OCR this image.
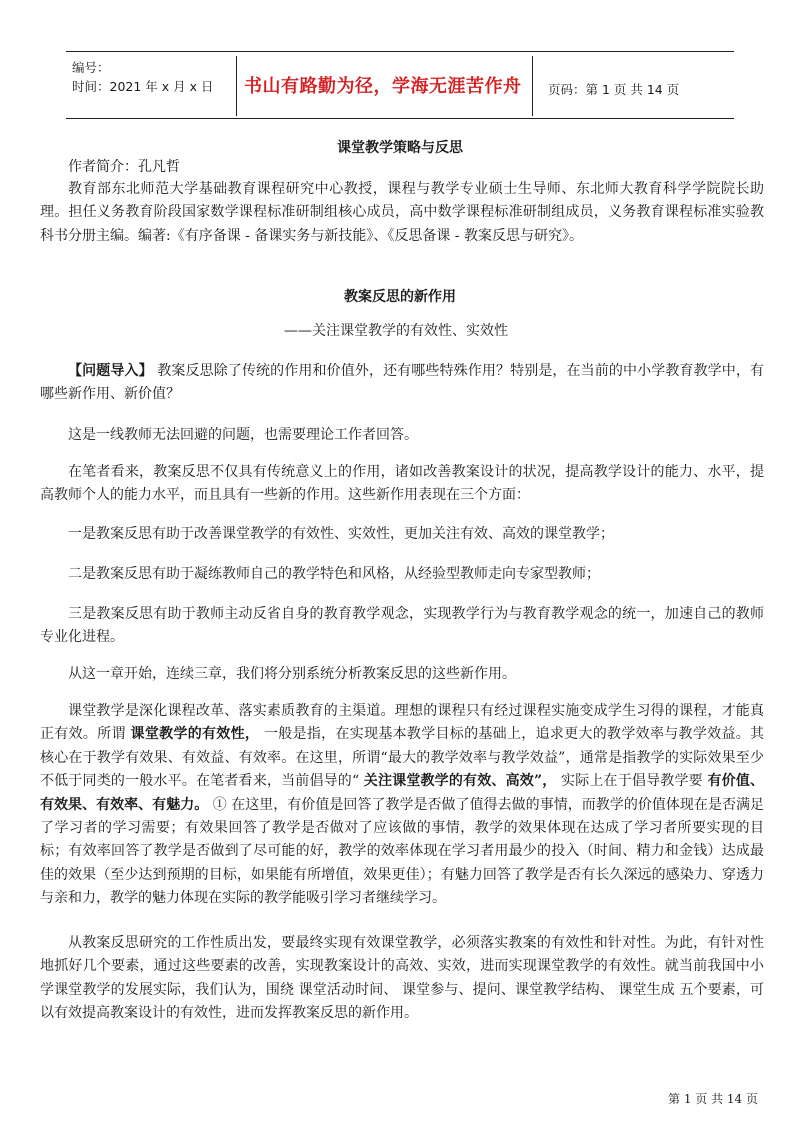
编号：
时间：2021 年 x 月 x 日 书山有路勤为径，学海无涯苦作舟 页码：第 1 页 共 14 页
课堂教学策略与反思
作者简介：孔凡哲
教育部东北师范大学基础教育课程研究中心教授，课程与教学专业硕士生导师、东北师大教育科学学院院长助理。担任义务教育阶段国家数学课程标准研制组核心成员，高中数学课程标准研制组成员，义务教育课程标准实验教科书分册主编。编著:《有序备课 - 备课实务与新技能》、《反思备课 - 教案反思与研究》。
教案反思的新作用
——关注课堂教学的有效性、实效性
【问题导入】 教案反思除了传统的作用和价值外，还有哪些特殊作用？特别是，在当前的中小学教育教学中，有哪些新作用、新价值？
这是一线教师无法回避的问题，也需要理论工作者回答。
在笔者看来，教案反思不仅具有传统意义上的作用，诸如改善教案设计的状况，提高教学设计的能力、水平，提高教师个人的能力水平，而且具有一些新的作用。这些新作用表现在三个方面：
一是教案反思有助于改善课堂教学的有效性、实效性，更加关注有效、高效的课堂教学；
二是教案反思有助于凝练教师自己的教学特色和风格，从经验型教师走向专家型教师；
三是教案反思有助于教师主动反省自身的教育教学观念，实现教学行为与教育教学观念的统一，加速自己的教师专业化进程。
从这一章开始，连续三章，我们将分别系统分析教案反思的这些新作用。
课堂教学是深化课程改革、落实素质教育的主渠道。理想的课程只有经过课程实施变成学生习得的课程，才能真正有效。所谓 课堂教学的有效性， 一般是指，在实现基本教学目标的基础上，追求更大的教学效率与教学效益。其 核心在于教学有效果、有效益、有效率。在这里，所谓“最大的教学效率与教学效益”，通常是指教学的实际效果至少不低于同类的一般水平。在笔者看来，当前倡导的“ 关注课堂教学的有效、高效”， 实际上在于倡导教学要 有价值、有效果、有效率、有魅力。 ① 在这里，有价值是回答了教学是否做了值得去做的事情，而教学的价值体现在是否满足了学习者的学习需要；有效果回答了教学是否做对了应该做的事情，教学的效果体现在达成了学习者所要实现的目标；有效率回答了教学是否做到了尽可能的好，教学的效率体现在学习者用最少的投入（时间、精力和金钱）达成最佳的效果（至少达到预期的目标，如果能有所增值，效果更佳）；有魅力回答了教学是否有长久深远的感染力、穿透力与亲和力，教学的魅力体现在实际的教学能吸引学习者继续学习。
从教案反思研究的工作性质出发，要最终实现有效课堂教学，必须落实教案的有效性和针对性。为此，有针对性地抓好几个要素，通过这些要素的改善，实现教案设计的高效、实效，进而实现课堂教学的有效性。就当前我国中小学课堂教学的发展实际，我们认为，围绕 课堂活动时间、 课堂参与、提问、课堂教学结构、 课堂生成 五个要素，可以有效提高教案设计的有效性，进而发挥教案反思的新作用。
第 1 页 共 14 页
